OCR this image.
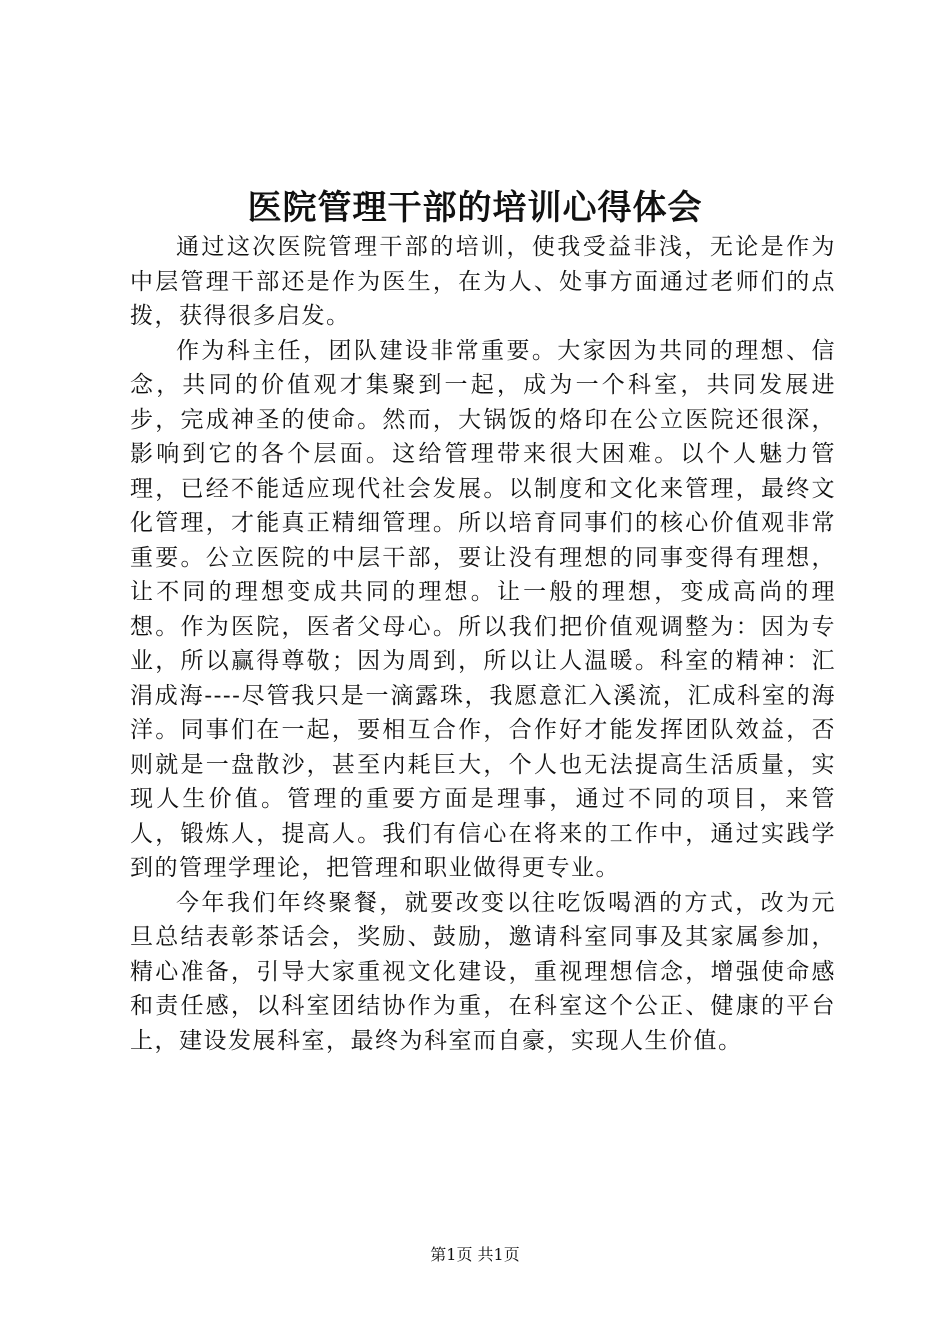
医院管理干部的培训心得体会

通过这次医院管理干部的培训，使我受益非浅，无论是作为中层管理干部还是作为医生，在为人、处事方面通过老师们的点拨，获得很多启发。

作为科主任，团队建设非常重要。大家因为共同的理想、信念，共同的价值观才集聚到一起，成为一个科室，共同发展进步，完成神圣的使命。然而，大锅饭的烙印在公立医院还很深，影响到它的各个层面。这给管理带来很大困难。以个人魅力管理，已经不能适应现代社会发展。以制度和文化来管理，最终文化管理，才能真正精细管理。所以培育同事们的核心价值观非常重要。公立医院的中层干部，要让没有理想的同事变得有理想，让不同的理想变成共同的理想。让一般的理想，变成高尚的理想。作为医院，医者父母心。所以我们把价值观调整为：因为专业，所以赢得尊敬；因为周到，所以让人温暖。科室的精神：汇涓成海----尽管我只是一滴露珠，我愿意汇入溪流，汇成科室的海洋。同事们在一起，要相互合作，合作好才能发挥团队效益，否则就是一盘散沙，甚至内耗巨大，个人也无法提高生活质量，实现人生价值。管理的重要方面是理事，通过不同的项目，来管人，锻炼人，提高人。我们有信心在将来的工作中，通过实践学到的管理学理论，把管理和职业做得更专业。

今年我们年终聚餐，就要改变以往吃饭喝酒的方式，改为元旦总结表彰茶话会，奖励、鼓励，邀请科室同事及其家属参加，精心准备，引导大家重视文化建设，重视理想信念，增强使命感和责任感，以科室团结协作为重，在科室这个公正、健康的平台上，建设发展科室，最终为科室而自豪，实现人生价值。

第1页 共1页
